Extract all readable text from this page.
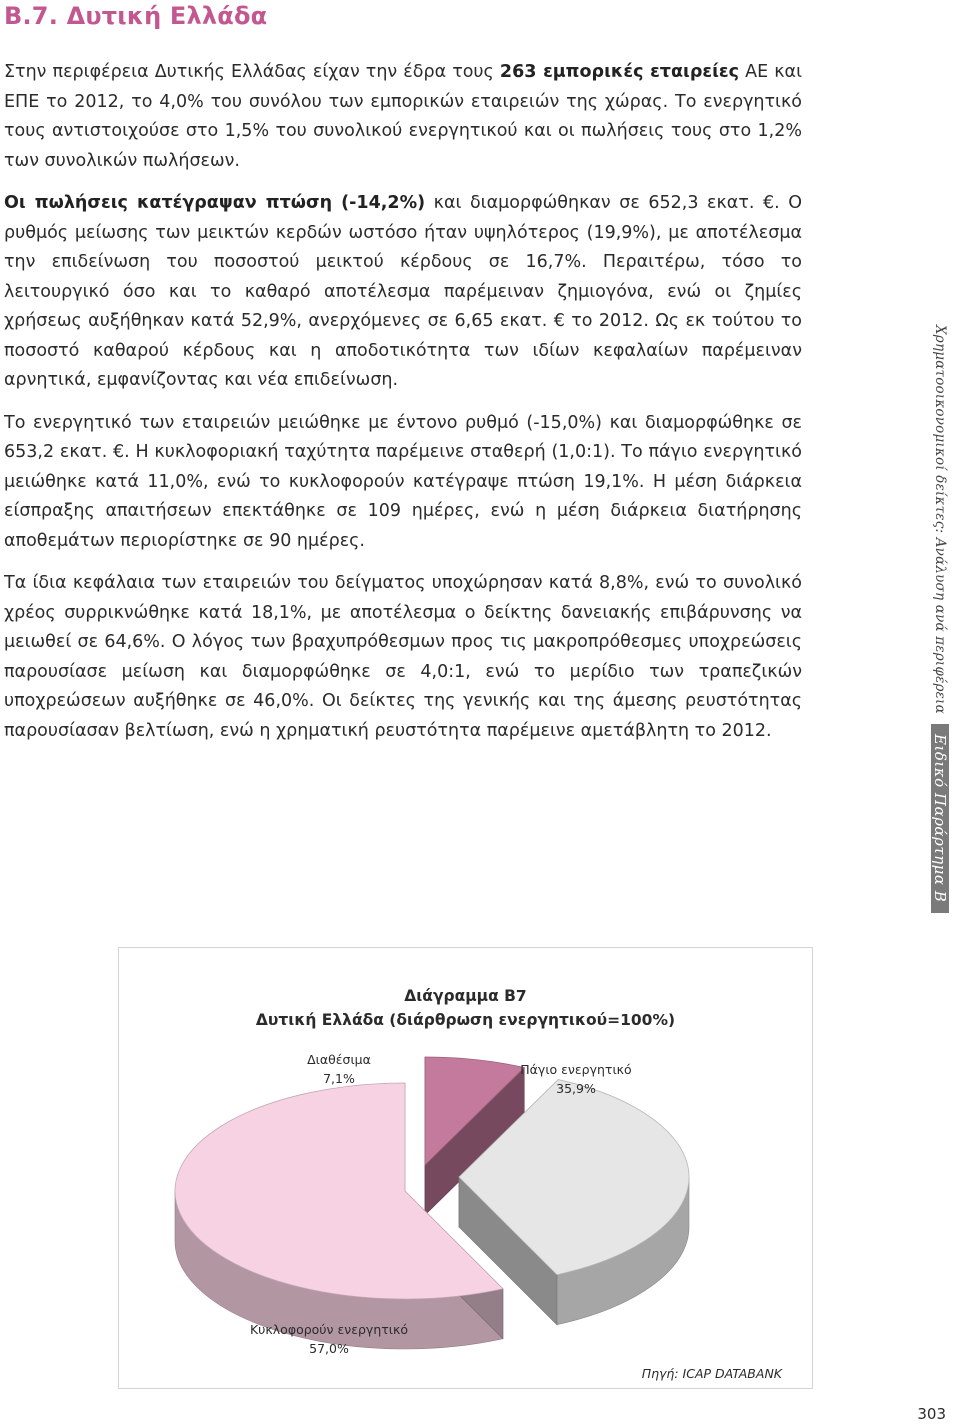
B.7. Δυτική Ελλάδα

Στην περιφέρεια Δυτικής Ελλάδας είχαν την έδρα τους 263 εμπορικές εταιρείες ΑΕ και ΕΠΕ το 2012, το 4,0% του συνόλου των εμπορικών εταιρειών της χώρας. Το ενεργητικό τους αντιστοιχούσε στο 1,5% του συνολικού ενεργητικού και οι πωλήσεις τους στο 1,2% των συνολικών πωλήσεων.

Οι πωλήσεις κατέγραψαν πτώση (-14,2%) και διαμορφώθηκαν σε 652,3 εκατ. €. Ο ρυθμός μείωσης των μεικτών κερδών ωστόσο ήταν υψηλότερος (19,9%), με αποτέλεσμα την επιδείνωση του ποσοστού μεικτού κέρδους σε 16,7%. Περαιτέρω, τόσο το λειτουργικό όσο και το καθαρό αποτέλεσμα παρέμειναν ζημιογόνα, ενώ οι ζημίες χρήσεως αυξήθηκαν κατά 52,9%, ανερχόμενες σε 6,65 εκατ. € το 2012. Ως εκ τούτου το ποσοστό καθαρού κέρδους και η αποδοτικότητα των ιδίων κεφαλαίων παρέμειναν αρνητικά, εμφανίζοντας και νέα επιδείνωση.

Το ενεργητικό των εταιρειών μειώθηκε με έντονο ρυθμό (-15,0%) και διαμορφώθηκε σε 653,2 εκατ. €. Η κυκλοφοριακή ταχύτητα παρέμεινε σταθερή (1,0:1). Το πάγιο ενεργητικό μειώθηκε κατά 11,0%, ενώ το κυκλοφορούν κατέγραψε πτώση 19,1%. Η μέση διάρκεια είσπραξης απαιτήσεων επεκτάθηκε σε 109 ημέρες, ενώ η μέση διάρκεια διατήρησης αποθεμάτων περιορίστηκε σε 90 ημέρες.

Τα ίδια κεφάλαια των εταιρειών του δείγματος υποχώρησαν κατά 8,8%, ενώ το συνολικό χρέος συρρικνώθηκε κατά 18,1%, με αποτέλεσμα ο δείκτης δανειακής επιβάρυνσης να μειωθεί σε 64,6%. Ο λόγος των βραχυπρόθεσμων προς τις μακροπρόθεσμες υποχρεώσεις παρουσίασε μείωση και διαμορφώθηκε σε 4,0:1, ενώ το μερίδιο των τραπεζικών υποχρεώσεων αυξήθηκε σε 46,0%. Οι δείκτες της γενικής και της άμεσης ρευστότητας παρουσίασαν βελτίωση, ενώ η χρηματική ρευστότητα παρέμεινε αμετάβλητη το 2012.

Χρηματοοικονομικοί δείκτες: Ανάλυση ανά περιφέρεια Ειδικό Παράρτημα Β
Διάγραμμα Β7
Δυτική Ελλάδα (διάρθρωση ενεργητικού=100%)
Διαθέσιμα
7,1%
Πάγιο ενεργητικό
35,9%
Κυκλοφορούν ενεργητικό
57,0%
Πηγή: ICAP DATABANK
303
